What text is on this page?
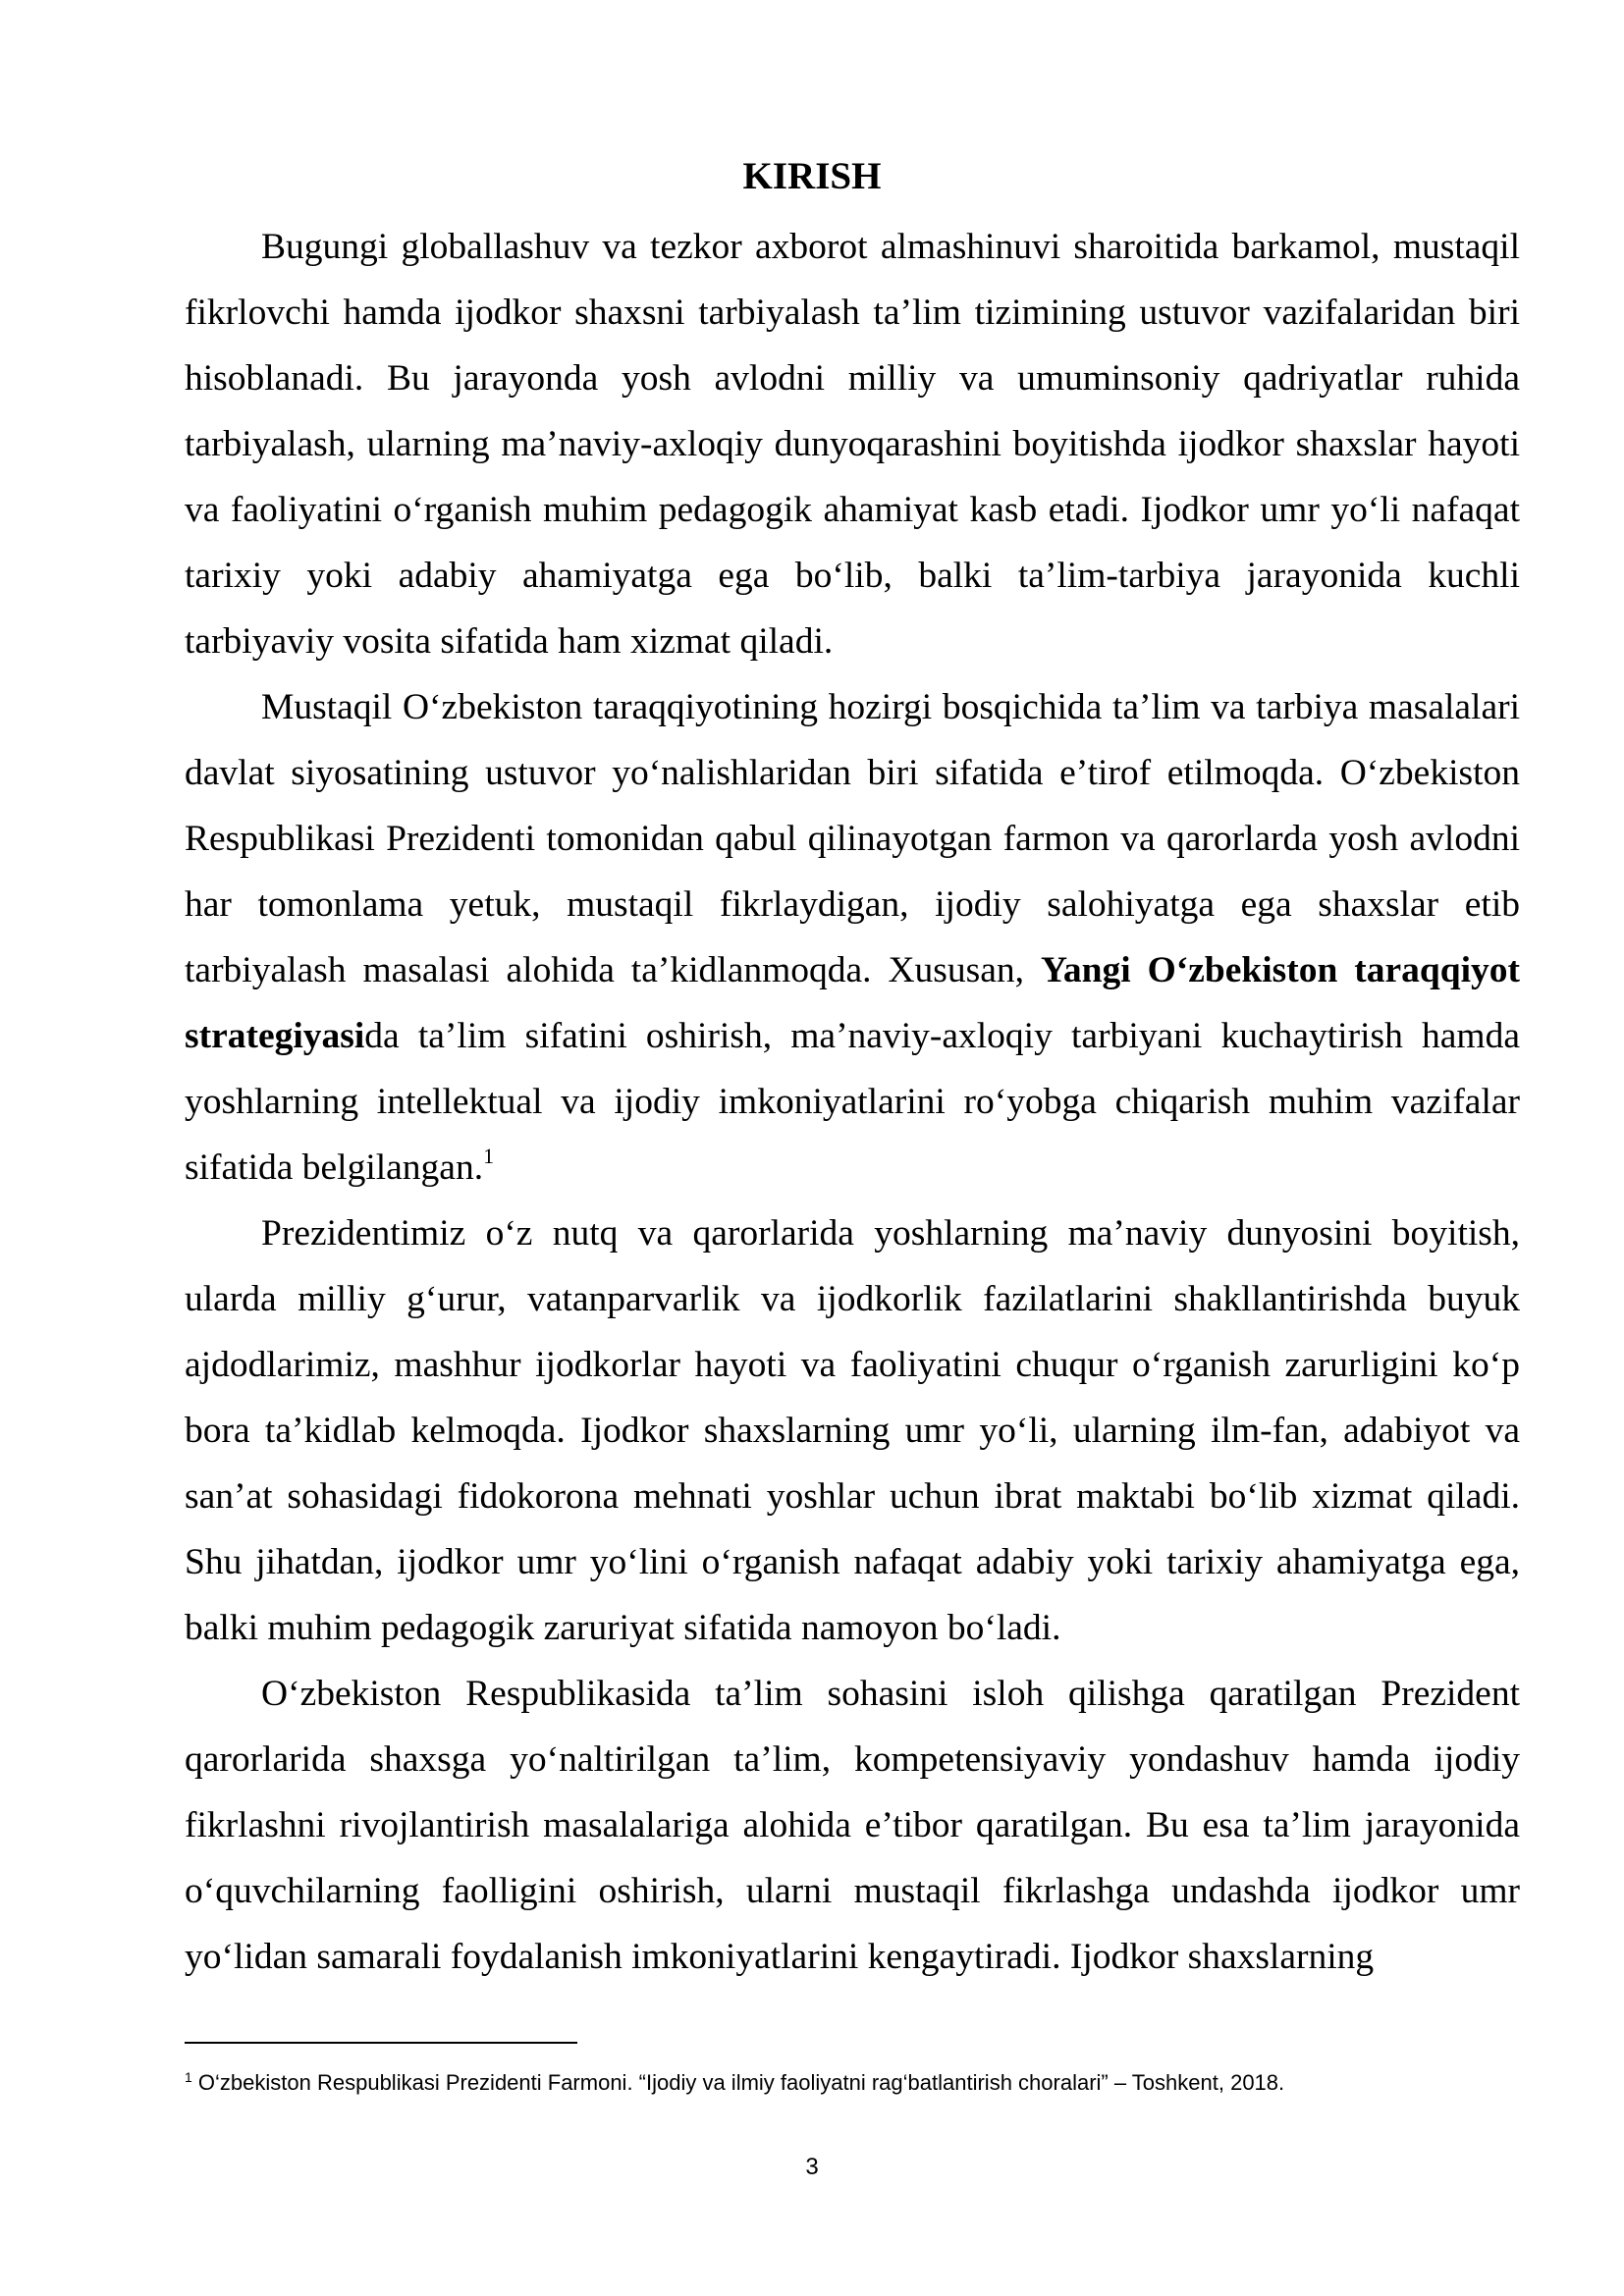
KIRISH

Bugungi globallashuv va tezkor axborot almashinuvi sharoitida barkamol, mustaqil fikrlovchi hamda ijodkor shaxsni tarbiyalash ta’lim tizimining ustuvor vazifalaridan biri hisoblanadi. Bu jarayonda yosh avlodni milliy va umuminsoniy qadriyatlar ruhida tarbiyalash, ularning ma’naviy-axloqiy dunyoqarashini boyitishda ijodkor shaxslar hayoti va faoliyatini o‘rganish muhim pedagogik ahamiyat kasb etadi. Ijodkor umr yo‘li nafaqat tarixiy yoki adabiy ahamiyatga ega bo‘lib, balki ta’lim-tarbiya jarayonida kuchli tarbiyaviy vosita sifatida ham xizmat qiladi.

Mustaqil O‘zbekiston taraqqiyotining hozirgi bosqichida ta’lim va tarbiya masalalari davlat siyosatining ustuvor yo‘nalishlaridan biri sifatida e’tirof etilmoqda. O‘zbekiston Respublikasi Prezidenti tomonidan qabul qilinayotgan farmon va qarorlarda yosh avlodni har tomonlama yetuk, mustaqil fikrlaydigan, ijodiy salohiyatga ega shaxslar etib tarbiyalash masalasi alohida ta’kidlanmoqda. Xususan, Yangi O‘zbekiston taraqqiyot strategiyasida ta’lim sifatini oshirish, ma’naviy-axloqiy tarbiyani kuchaytirish hamda yoshlarning intellektual va ijodiy imkoniyatlarini ro‘yobga chiqarish muhim vazifalar sifatida belgilangan.$^1$

Prezidentimiz o‘z nutq va qarorlarida yoshlarning ma’naviy dunyosini boyitish, ularda milliy g‘urur, vatanparvarlik va ijodkorlik fazilatlarini shakllantirishda buyuk ajdodlarimiz, mashhur ijodkorlar hayoti va faoliyatini chuqur o‘rganish zarurligini ko‘p bora ta’kidlab kelmoqda. Ijodkor shaxslarning umr yo‘li, ularning ilm-fan, adabiyot va san’at sohasidagi fidokorona mehnati yoshlar uchun ibrat maktabi bo‘lib xizmat qiladi. Shu jihatdan, ijodkor umr yo‘lini o‘rganish nafaqat adabiy yoki tarixiy ahamiyatga ega, balki muhim pedagogik zaruriyat sifatida namoyon bo‘ladi.

O‘zbekiston Respublikasida ta’lim sohasini isloh qilishga qaratilgan Prezident qarorlarida shaxsga yo‘naltirilgan ta’lim, kompetensiyaviy yondashuv hamda ijodiy fikrlashni rivojlantirish masalalariga alohida e’tibor qaratilgan. Bu esa ta’lim jarayonida o‘quvchilarning faolligini oshirish, ularni mustaqil fikrlashga undashda ijodkor umr yo‘lidan samarali foydalanish imkoniyatlarini kengaytiradi. Ijodkor shaxslarning

$^1$ O‘zbekiston Respublikasi Prezidenti Farmoni. “Ijodiy va ilmiy faoliyatni rag‘batlantirish choralari” – Toshkent, 2018.
3
